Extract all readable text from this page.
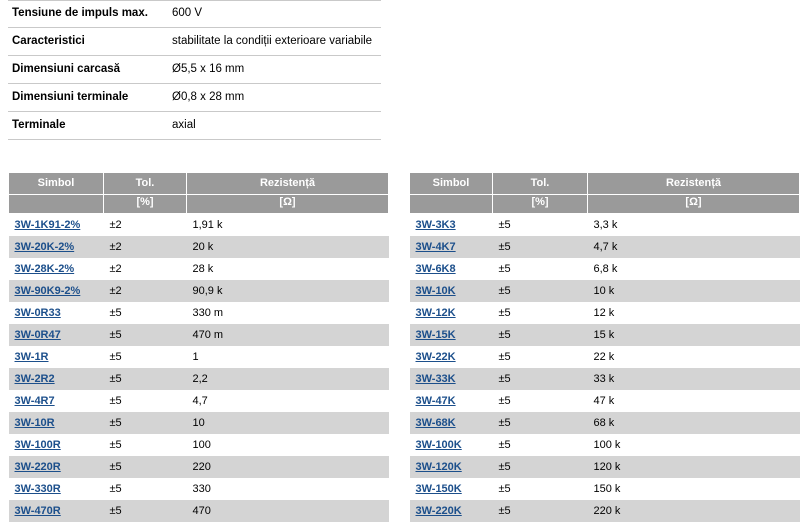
Tensiune de impuls max.	600 V
Caracteristici	stabilitate la condiții exterioare variabile
Dimensiuni carcasă	Ø5,5 x 16 mm
Dimensiuni terminale	Ø0,8 x 28 mm
Terminale	axial
Simbol	Tol.	Rezistență
	[%]	[Ω]
3W-1K91-2%	±2	1,91 k
3W-20K-2%	±2	20 k
3W-28K-2%	±2	28 k
3W-90K9-2%	±2	90,9 k
3W-0R33	±5	330 m
3W-0R47	±5	470 m
3W-1R	±5	1
3W-2R2	±5	2,2
3W-4R7	±5	4,7
3W-10R	±5	10
3W-100R	±5	100
3W-220R	±5	220
3W-330R	±5	330
3W-470R	±5	470
Simbol	Tol.	Rezistență
	[%]	[Ω]
3W-3K3	±5	3,3 k
3W-4K7	±5	4,7 k
3W-6K8	±5	6,8 k
3W-10K	±5	10 k
3W-12K	±5	12 k
3W-15K	±5	15 k
3W-22K	±5	22 k
3W-33K	±5	33 k
3W-47K	±5	47 k
3W-68K	±5	68 k
3W-100K	±5	100 k
3W-120K	±5	120 k
3W-150K	±5	150 k
3W-220K	±5	220 k
